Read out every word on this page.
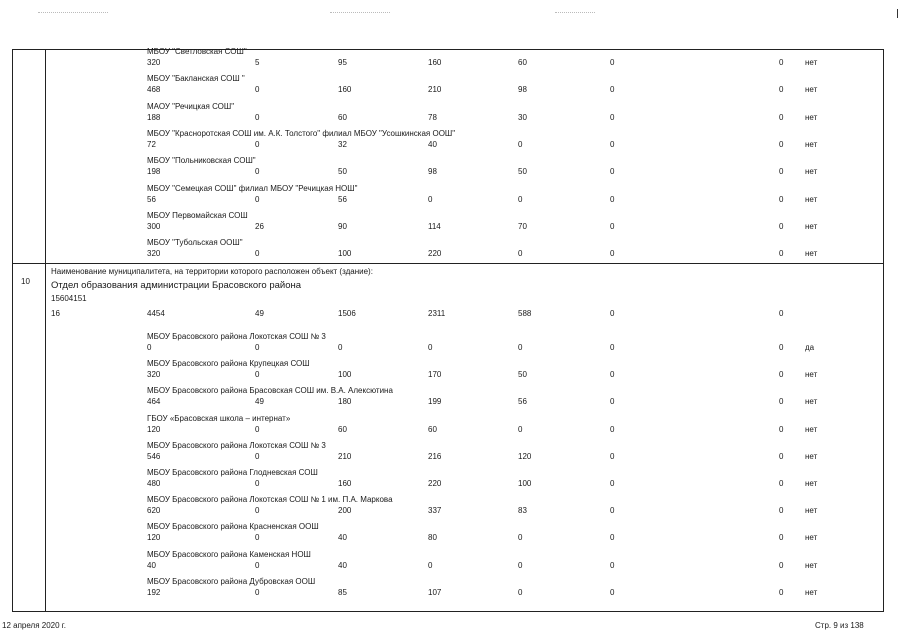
МБОУ "Светловская СОШ"
320	5	95	160	60	0	0	нет
МБОУ "Бакланская СОШ "
468	0	160	210	98	0	0	нет
МАОУ "Речицкая СОШ"
188	0	60	78	30	0	0	нет
МБОУ "Красноротская СОШ им. А.К. Толстого" филиал МБОУ "Усошкинская ООШ"
72	0	32	40	0	0	0	нет
МБОУ "Польниковская СОШ"
198	0	50	98	50	0	0	нет
МБОУ "Семецкая СОШ" филиал МБОУ "Речицкая НОШ"
56	0	56	0	0	0	0	нет
МБОУ Первомайская СОШ
300	26	90	114	70	0	0	нет
МБОУ "Тубольская ООШ"
320	0	100	220	0	0	0	нет
10
Наименование муниципалитета, на территории которого расположен объект (здание):
Отдел образования администрации Брасовского района
15604151
16	4454	49	1506	2311	588	0	0
МБОУ Брасовского района Локотская СОШ № 3
0	0	0	0	0	0	0	да
МБОУ Брасовского района Крупецкая СОШ
320	0	100	170	50	0	0	нет
МБОУ Брасовского района Брасовская СОШ им. В.А. Алексютина
464	49	180	199	56	0	0	нет
ГБОУ «Брасовская школа – интернат»
120	0	60	60	0	0	0	нет
МБОУ Брасовского района Локотская СОШ № 3
546	0	210	216	120	0	0	нет
МБОУ Брасовского района Глодневская СОШ
480	0	160	220	100	0	0	нет
МБОУ Брасовского района Локотская СОШ № 1 им. П.А. Маркова
620	0	200	337	83	0	0	нет
МБОУ Брасовского района Красненская ООШ
120	0	40	80	0	0	0	нет
МБОУ Брасовского района Каменская НОШ
40	0	40	0	0	0	0	нет
МБОУ Брасовского района Дубровская ООШ
192	0	85	107	0	0	0	нет
12 апреля 2020 г.	Стр. 9 из 138
